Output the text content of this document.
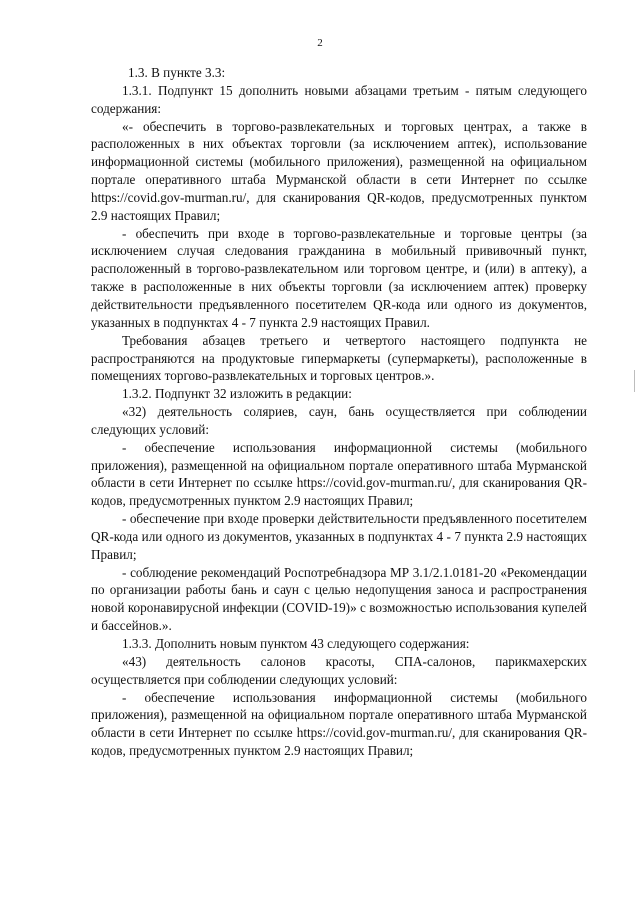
2

1.3. В пункте 3.3:

1.3.1. Подпункт 15 дополнить новыми абзацами третьим - пятым следующего содержания:

«- обеспечить в торгово-развлекательных и торговых центрах, а также в расположенных в них объектах торговли (за исключением аптек), использование информационной системы (мобильного приложения), размещенной на официальном портале оперативного штаба Мурманской области в сети Интернет по ссылке https://covid.gov-murman.ru/, для сканирования QR-кодов, предусмотренных пунктом 2.9 настоящих Правил;

- обеспечить при входе в торгово-развлекательные и торговые центры (за исключением случая следования гражданина в мобильный прививочный пункт, расположенный в торгово-развлекательном или торговом центре, и (или) в аптеку), а также в расположенные в них объекты торговли (за исключением аптек) проверку действительности предъявленного посетителем QR-кода или одного из документов, указанных в подпунктах 4 - 7 пункта 2.9 настоящих Правил.

Требования абзацев третьего и четвертого настоящего подпункта не распространяются на продуктовые гипермаркеты (супермаркеты), расположенные в помещениях торгово-развлекательных и торговых центров.».

1.3.2. Подпункт 32 изложить в редакции:

«32) деятельность соляриев, саун, бань осуществляется при соблюдении следующих условий:

- обеспечение использования информационной системы (мобильного приложения), размещенной на официальном портале оперативного штаба Мурманской области в сети Интернет по ссылке https://covid.gov-murman.ru/, для сканирования QR-кодов, предусмотренных пунктом 2.9 настоящих Правил;

- обеспечение при входе проверки действительности предъявленного посетителем QR-кода или одного из документов, указанных в подпунктах 4 - 7 пункта 2.9 настоящих Правил;

- соблюдение рекомендаций Роспотребнадзора МР 3.1/2.1.0181-20 «Рекомендации по организации работы бань и саун с целью недопущения заноса и распространения новой коронавирусной инфекции (COVID-19)» с возможностью использования купелей и бассейнов.».

1.3.3. Дополнить новым пунктом 43 следующего содержания:

«43) деятельность салонов красоты, СПА-салонов, парикмахерских осуществляется при соблюдении следующих условий:

- обеспечение использования информационной системы (мобильного приложения), размещенной на официальном портале оперативного штаба Мурманской области в сети Интернет по ссылке https://covid.gov-murman.ru/, для сканирования QR-кодов, предусмотренных пунктом 2.9 настоящих Правил;
